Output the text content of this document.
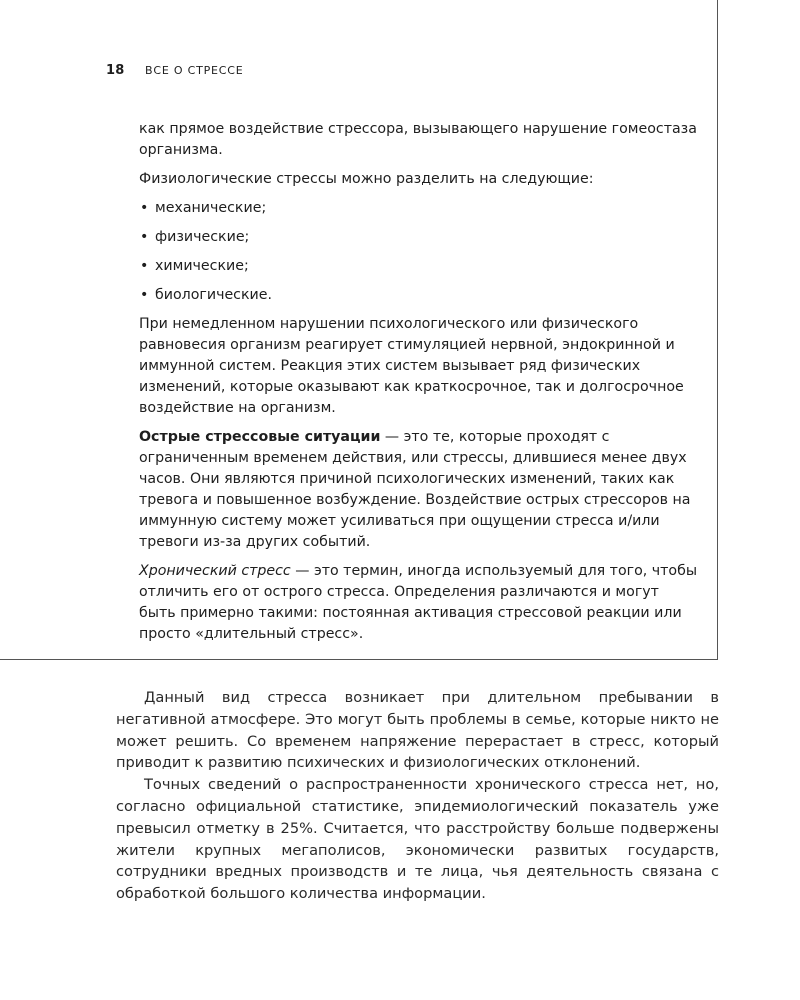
18 ВСЕ О СТРЕССЕ

как прямое воздействие стрессора, вызывающего нарушение гомеостаза организма.

Физиологические стрессы можно разделить на следующие:

• механические;
• физические;
• химические;
• биологические.

При немедленном нарушении психологического или физического равновесия организм реагирует стимуляцией нервной, эндокринной и иммунной систем. Реакция этих систем вызывает ряд физических изменений, которые оказывают как краткосрочное, так и долгосрочное воздействие на организм.

Острые стрессовые ситуации — это те, которые проходят с ограниченным временем действия, или стрессы, длившиеся менее двух часов. Они являются причиной психологических изменений, таких как тревога и повышенное возбуждение. Воздействие острых стрессоров на иммунную систему может усиливаться при ощущении стресса и/или тревоги из-за других событий.

Хронический стресс — это термин, иногда используемый для того, чтобы отличить его от острого стресса. Определения различаются и могут быть примерно такими: постоянная активация стрессовой реакции или просто «длительный стресс».

Данный вид стресса возникает при длительном пребывании в негативной атмосфере. Это могут быть проблемы в семье, которые никто не может решить. Со временем напряжение перерастает в стресс, который приводит к развитию психических и физиологических отклонений.

Точных сведений о распространенности хронического стресса нет, но, согласно официальной статистике, эпидемиологический показатель уже превысил отметку в 25%. Считается, что расстройству больше подвержены жители крупных мегаполисов, экономически развитых государств, сотрудники вредных производств и те лица, чья деятельность связана с обработкой большого количества информации.
